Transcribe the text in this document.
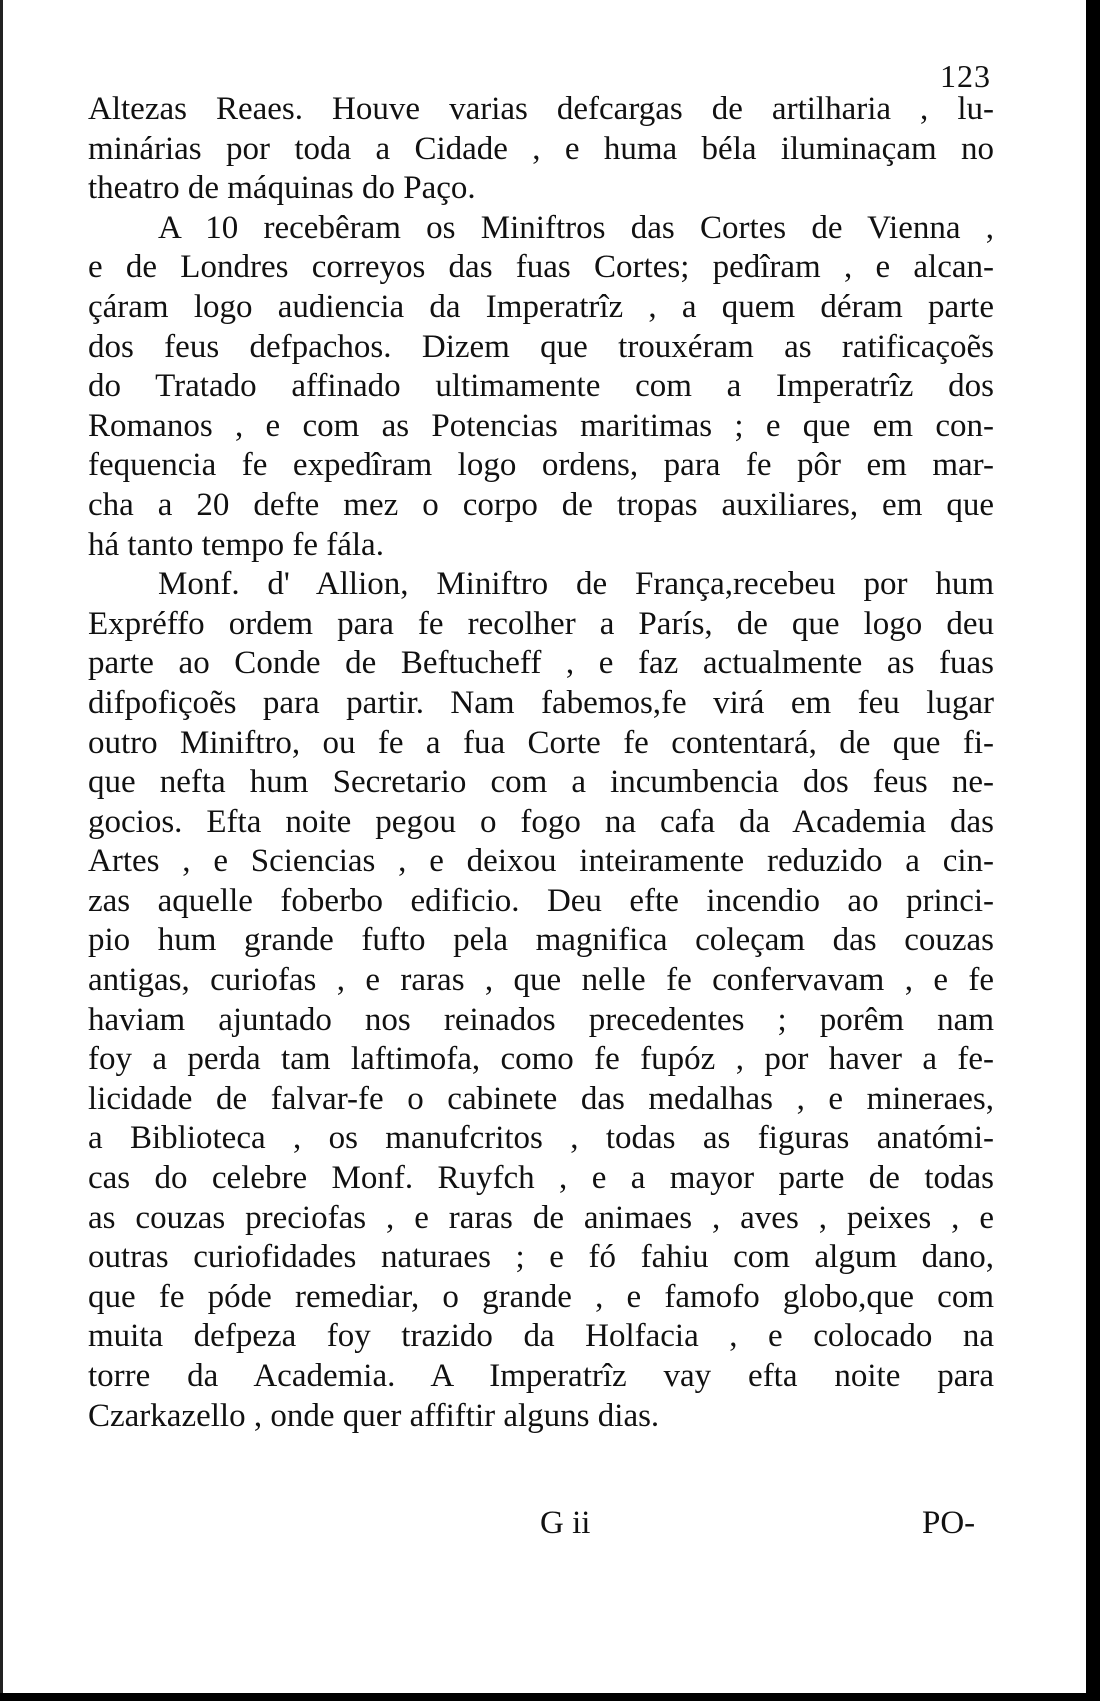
123
Altezas Reaes. Houve varias defcargas de artilharia , lu-
minárias por toda a Cidade , e huma béla iluminaçam no
theatro de máquinas do Paço.
A 10 recebêram os Miniftros das Cortes de Vienna ,
e de Londres correyos das fuas Cortes; pedîram , e alcan-
çáram logo audiencia da Imperatrîz , a quem déram parte
dos feus defpachos. Dizem que trouxéram as ratificaçoẽs
do Tratado affinado ultimamente com a Imperatrîz dos
Romanos , e com as Potencias maritimas ; e que em con-
fequencia fe expedîram logo ordens, para fe pôr em mar-
cha a 20 defte mez o corpo de tropas auxiliares, em que
há tanto tempo fe fála.
Monf. d' Allion, Miniftro de França,recebeu por hum
Expréffo ordem para fe recolher a París, de que logo deu
parte ao Conde de Beftucheff , e faz actualmente as fuas
difpofiçoẽs para partir. Nam fabemos,fe virá em feu lugar
outro Miniftro, ou fe a fua Corte fe contentará, de que fi-
que nefta hum Secretario com a incumbencia dos feus ne-
gocios. Efta noite pegou o fogo na cafa da Academia das
Artes , e Sciencias , e deixou inteiramente reduzido a cin-
zas aquelle foberbo edificio. Deu efte incendio ao princi-
pio hum grande fufto pela magnifica coleçam das couzas
antigas, curiofas , e raras , que nelle fe confervavam , e fe
haviam ajuntado nos reinados precedentes ; porêm nam
foy a perda tam laftimofa, como fe fupóz , por haver a fe-
licidade de falvar-fe o cabinete das medalhas , e mineraes,
a Biblioteca , os manufcritos , todas as figuras anatómi-
cas do celebre Monf. Ruyfch , e a mayor parte de todas
as couzas preciofas , e raras de animaes , aves , peixes , e
outras curiofidades naturaes ; e fó fahiu com algum dano,
que fe póde remediar, o grande , e famofo globo,que com
muita defpeza foy trazido da Holfacia , e colocado na
torre da Academia. A Imperatrîz vay efta noite para
Czarkazello , onde quer affiftir alguns dias.
G ii	PO-
